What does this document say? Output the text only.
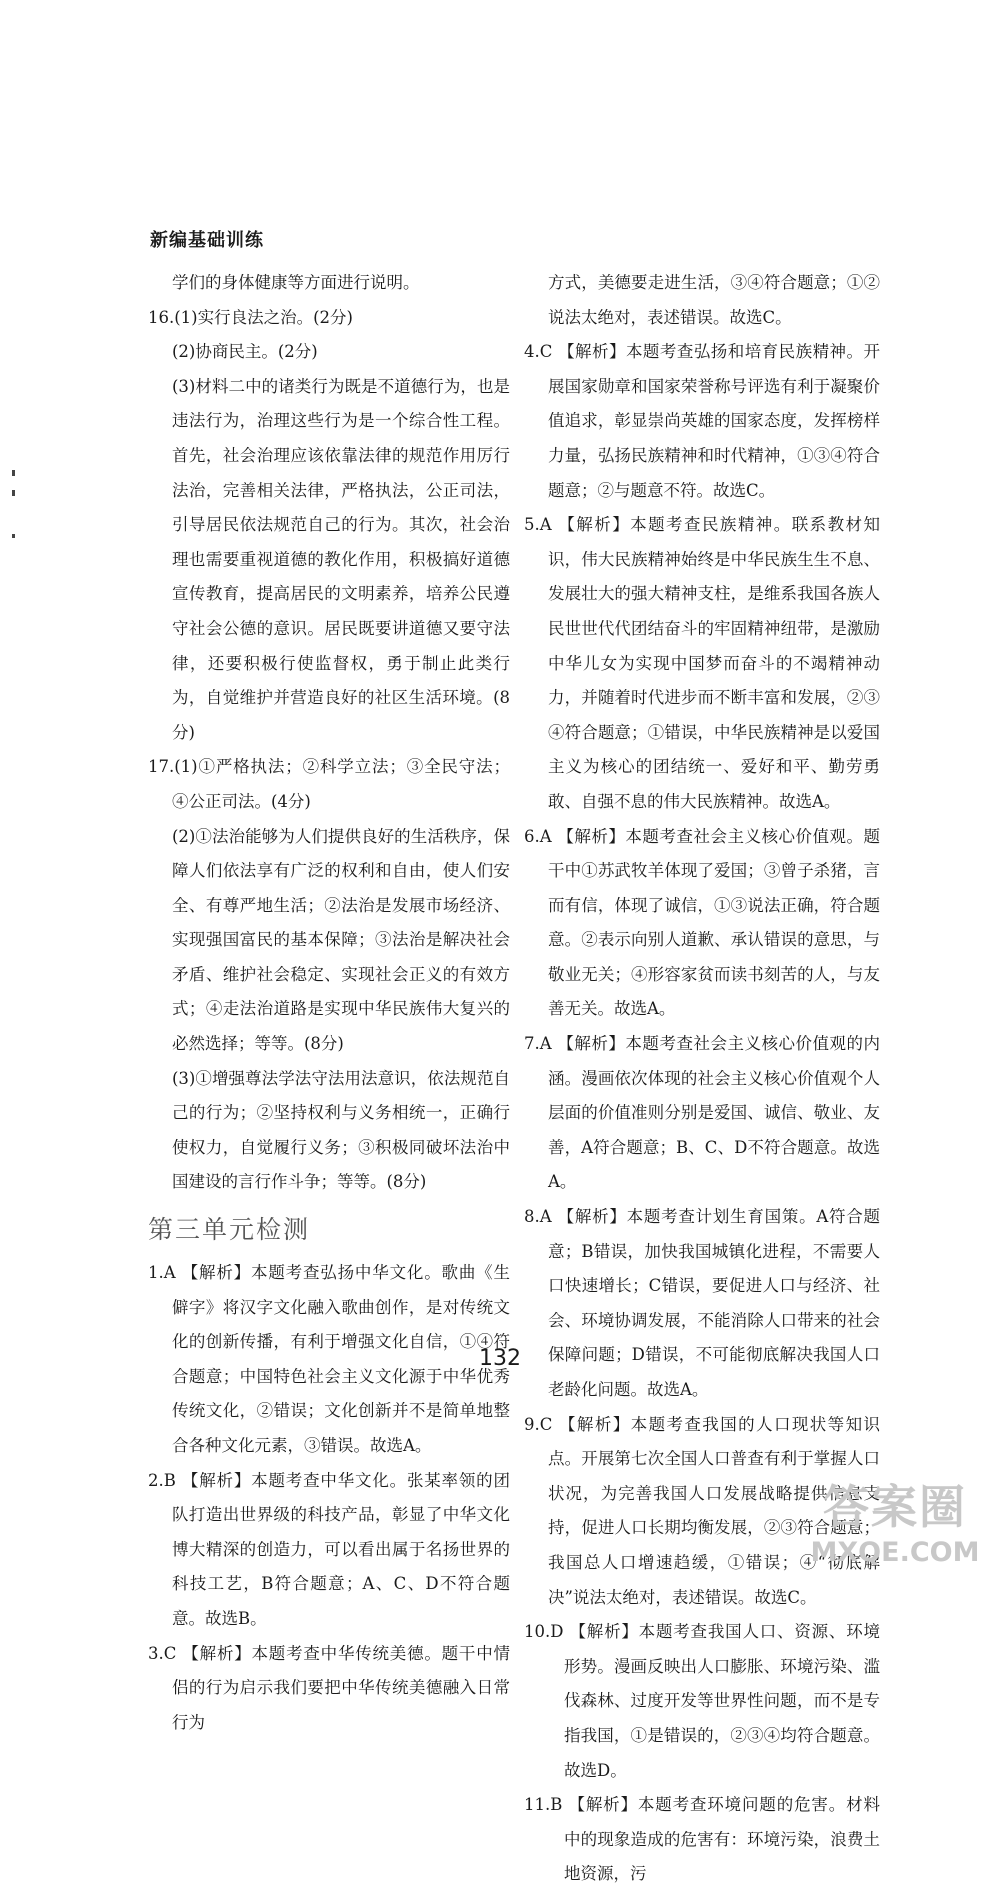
新编基础训练

学们的身体健康等方面进行说明。

16.(1)实行良法之治。(2分)

(2)协商民主。(2分)

(3)材料二中的诸类行为既是不道德行为，也是违法行为，治理这些行为是一个综合性工程。首先，社会治理应该依靠法律的规范作用厉行法治，完善相关法律，严格执法，公正司法，引导居民依法规范自己的行为。其次，社会治理也需要重视道德的教化作用，积极搞好道德宣传教育，提高居民的文明素养，培养公民遵守社会公德的意识。居民既要讲道德又要守法律，还要积极行使监督权，勇于制止此类行为，自觉维护并营造良好的社区生活环境。(8分)

17.(1)①严格执法；②科学立法；③全民守法；④公正司法。(4分)

(2)①法治能够为人们提供良好的生活秩序，保障人们依法享有广泛的权利和自由，使人们安全、有尊严地生活；②法治是发展市场经济、实现强国富民的基本保障；③法治是解决社会矛盾、维护社会稳定、实现社会正义的有效方式；④走法治道路是实现中华民族伟大复兴的必然选择；等等。(8分)

(3)①增强尊法学法守法用法意识，依法规范自己的行为；②坚持权利与义务相统一，正确行使权力，自觉履行义务；③积极同破坏法治中国建设的言行作斗争；等等。(8分)

第三单元检测

1.A 【解析】本题考查弘扬中华文化。歌曲《生僻字》将汉字文化融入歌曲创作，是对传统文化的创新传播，有利于增强文化自信，①④符合题意；中国特色社会主义文化源于中华优秀传统文化，②错误；文化创新并不是简单地整合各种文化元素，③错误。故选A。

2.B 【解析】本题考查中华文化。张某率领的团队打造出世界级的科技产品，彰显了中华文化博大精深的创造力，可以看出属于名扬世界的科技工艺，B符合题意；A、C、D不符合题意。故选B。

3.C 【解析】本题考查中华传统美德。题干中情侣的行为启示我们要把中华传统美德融入日常行为

方式，美德要走进生活，③④符合题意；①②说法太绝对，表述错误。故选C。

4.C 【解析】本题考查弘扬和培育民族精神。开展国家勋章和国家荣誉称号评选有利于凝聚价值追求，彰显崇尚英雄的国家态度，发挥榜样力量，弘扬民族精神和时代精神，①③④符合题意；②与题意不符。故选C。

5.A 【解析】本题考查民族精神。联系教材知识，伟大民族精神始终是中华民族生生不息、发展壮大的强大精神支柱，是维系我国各族人民世世代代团结奋斗的牢固精神纽带，是激励中华儿女为实现中国梦而奋斗的不竭精神动力，并随着时代进步而不断丰富和发展，②③④符合题意；①错误，中华民族精神是以爱国主义为核心的团结统一、爱好和平、勤劳勇敢、自强不息的伟大民族精神。故选A。

6.A 【解析】本题考查社会主义核心价值观。题干中①苏武牧羊体现了爱国；③曾子杀猪，言而有信，体现了诚信，①③说法正确，符合题意。②表示向别人道歉、承认错误的意思，与敬业无关；④形容家贫而读书刻苦的人，与友善无关。故选A。

7.A 【解析】本题考查社会主义核心价值观的内涵。漫画依次体现的社会主义核心价值观个人层面的价值准则分别是爱国、诚信、敬业、友善，A符合题意；B、C、D不符合题意。故选A。

8.A 【解析】本题考查计划生育国策。A符合题意；B错误，加快我国城镇化进程，不需要人口快速增长；C错误，要促进人口与经济、社会、环境协调发展，不能消除人口带来的社会保障问题；D错误，不可能彻底解决我国人口老龄化问题。故选A。

9.C 【解析】本题考查我国的人口现状等知识点。开展第七次全国人口普查有利于掌握人口状况，为完善我国人口发展战略提供信息支持，促进人口长期均衡发展，②③符合题意；我国总人口增速趋缓，①错误；④“彻底解决”说法太绝对，表述错误。故选C。

10.D 【解析】本题考查我国人口、资源、环境形势。漫画反映出人口膨胀、环境污染、滥伐森林、过度开发等世界性问题，而不是专指我国，①是错误的，②③④均符合题意。故选D。

11.B 【解析】本题考查环境问题的危害。材料中的现象造成的危害有：环境污染，浪费土地资源，污

132
答案圈
MXQE.COM
